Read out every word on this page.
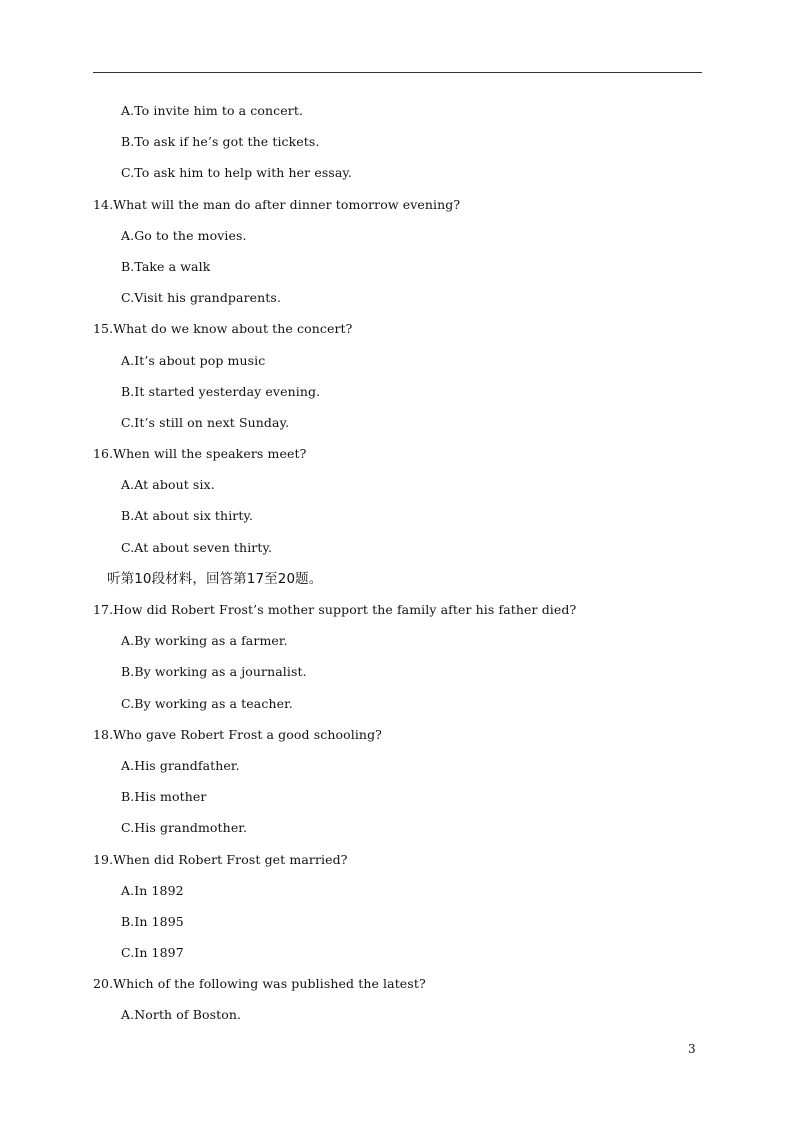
A.To invite him to a concert.
B.To ask if he’s got the tickets.
C.To ask him to help with her essay.
14.What will the man do after dinner tomorrow evening?
A.Go to the movies.
B.Take a walk
C.Visit his grandparents.
15.What do we know about the concert?
A.It’s about pop music
B.It started yesterday evening.
C.It’s still on next Sunday.
16.When will the speakers meet?
A.At about six.
B.At about six thirty.
C.At about seven thirty.
听第10段材料，回答第17至20题。
17.How did Robert Frost’s mother support the family after his father died?
A.By working as a farmer.
B.By working as a journalist.
C.By working as a teacher.
18.Who gave Robert Frost a good schooling?
A.His grandfather.
B.His mother
C.His grandmother.
19.When did Robert Frost get married?
A.In 1892
B.In 1895
C.In 1897
20.Which of the following was published the latest?
A.North of Boston.
3
